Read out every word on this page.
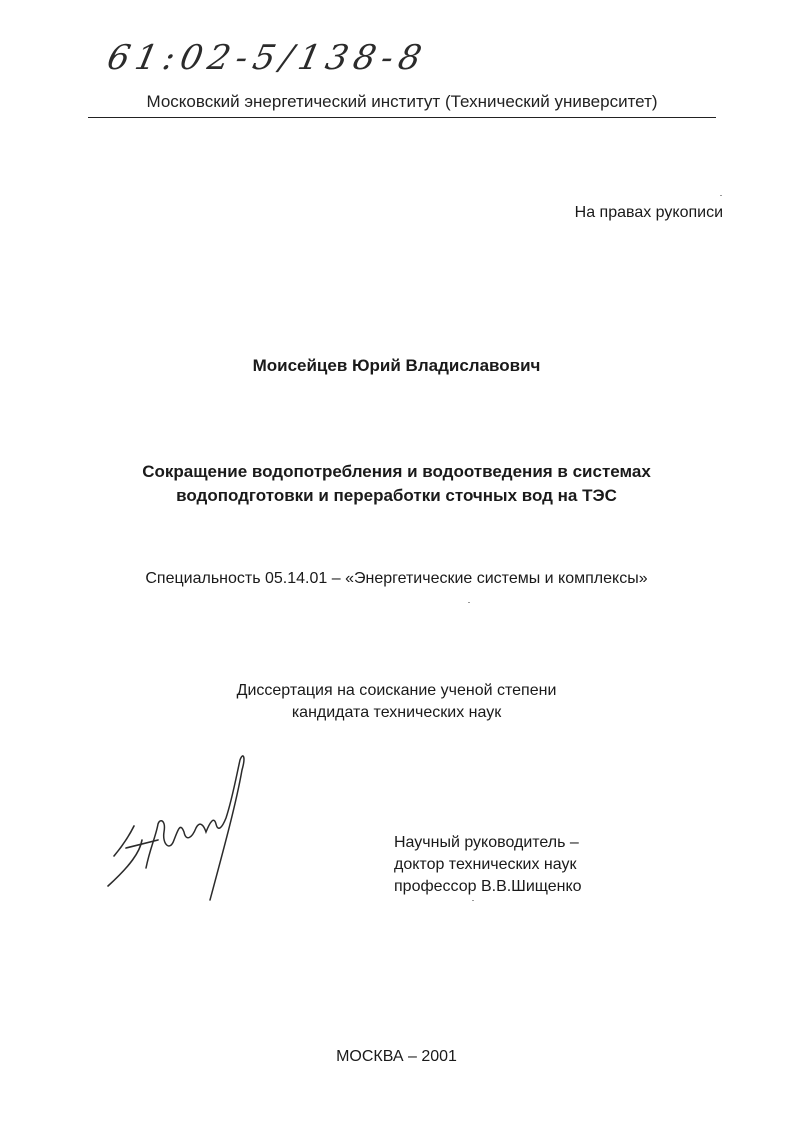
61:02-5/138-8
Московский энергетический институт (Технический университет)
На правах рукописи
Моисейцев Юрий Владиславович
Сокращение водопотребления и водоотведения в системах
водоподготовки и переработки сточных вод на ТЭС
Специальность 05.14.01 – «Энергетические системы и комплексы»
Диссертация на соискание ученой степени
кандидата технических наук
Научный руководитель –
доктор технических наук
профессор В.В.Шищенко
МОСКВА – 2001
